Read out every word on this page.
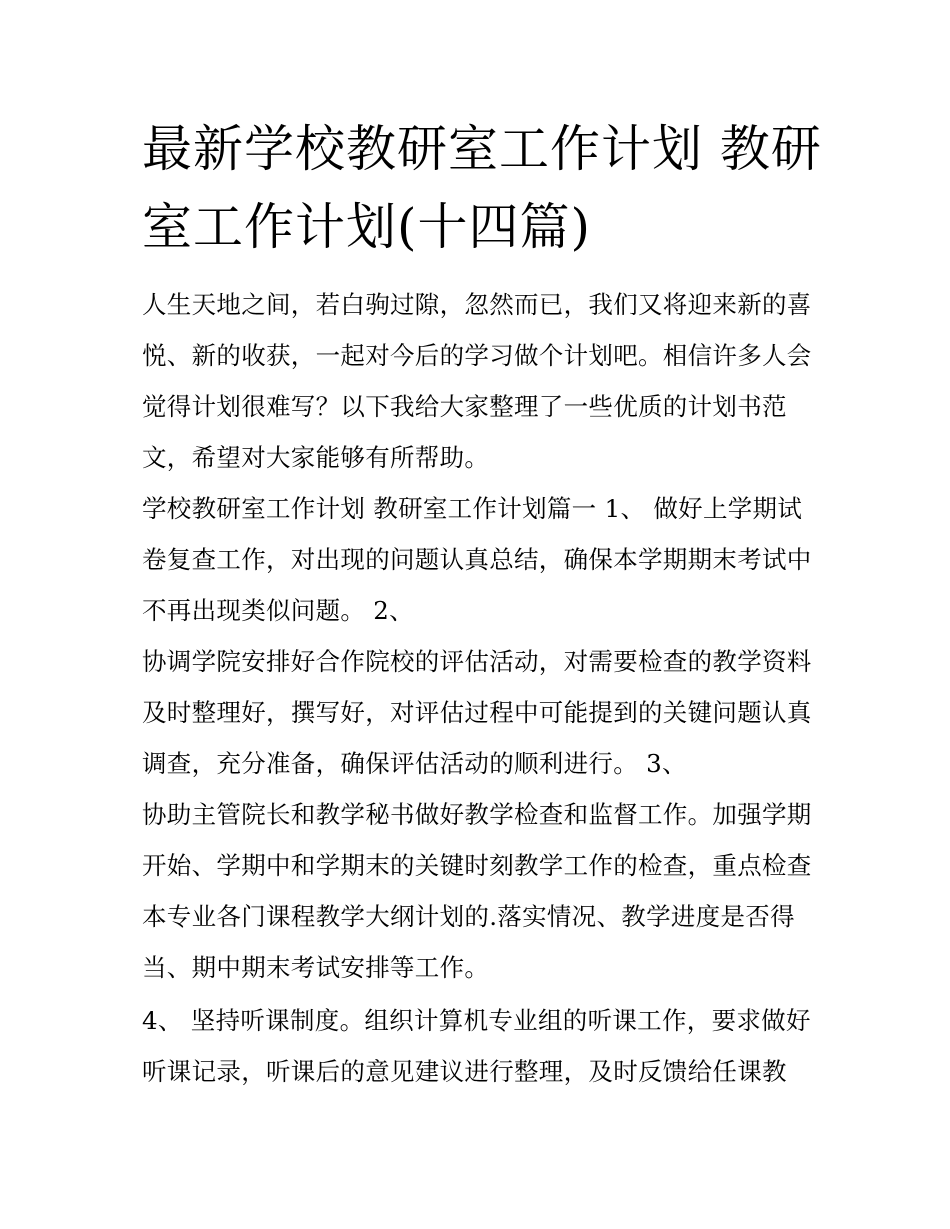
最新学校教研室工作计划 教研室工作计划(十四篇)

人生天地之间，若白驹过隙，忽然而已，我们又将迎来新的喜悦、新的收获，一起对今后的学习做个计划吧。相信许多人会觉得计划很难写？以下我给大家整理了一些优质的计划书范文，希望对大家能够有所帮助。

学校教研室工作计划 教研室工作计划篇一 1、 做好上学期试卷复查工作，对出现的问题认真总结，确保本学期期末考试中不再出现类似问题。 2、

协调学院安排好合作院校的评估活动，对需要检查的教学资料及时整理好，撰写好，对评估过程中可能提到的关键问题认真调查，充分准备，确保评估活动的顺利进行。 3、

协助主管院长和教学秘书做好教学检查和监督工作。加强学期开始、学期中和学期末的关键时刻教学工作的检查，重点检查本专业各门课程教学大纲计划的.落实情况、教学进度是否得当、期中期末考试安排等工作。

4、 坚持听课制度。组织计算机专业组的听课工作，要求做好听课记录，听课后的意见建议进行整理，及时反馈给任课教
